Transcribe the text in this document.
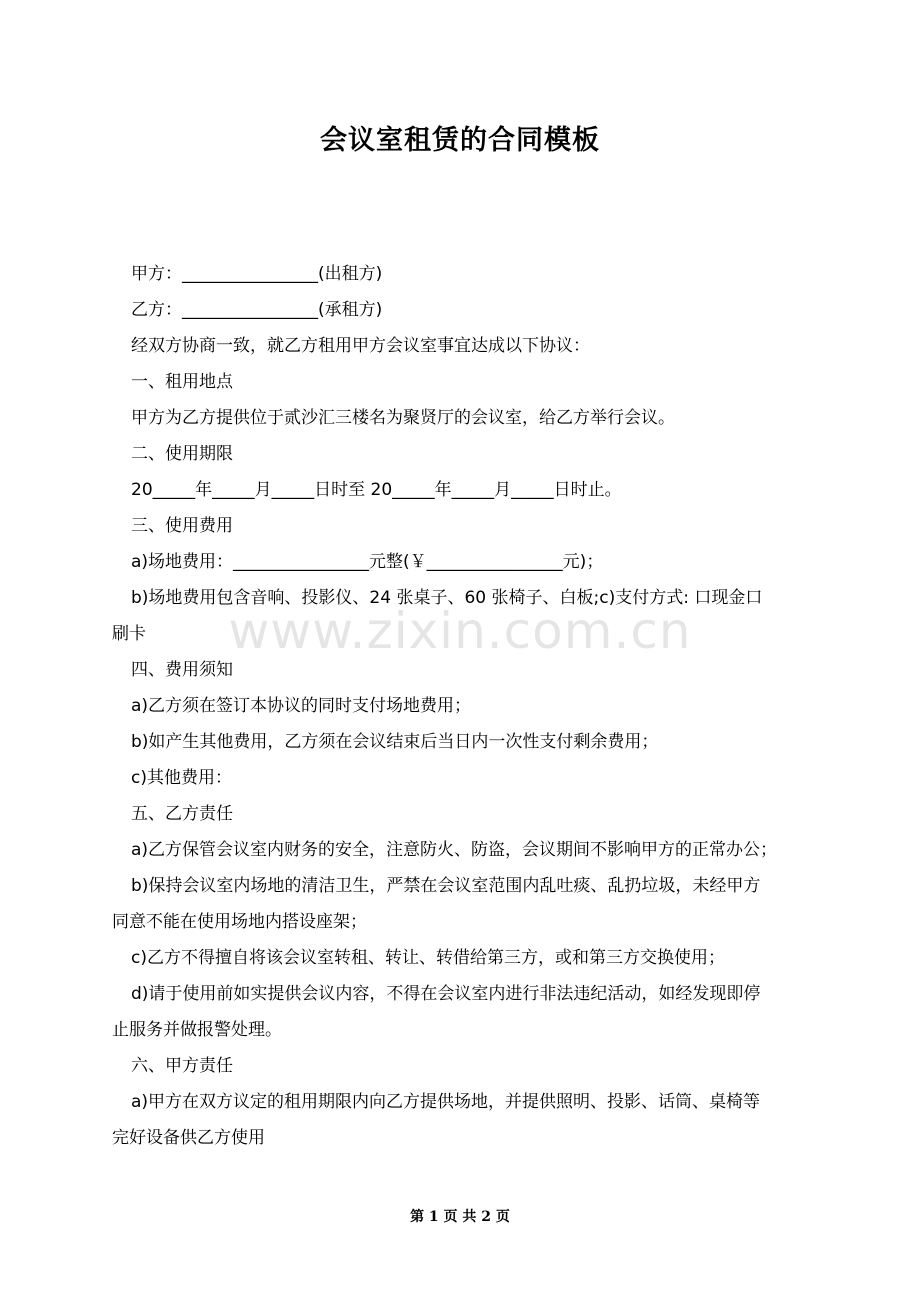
会议室租赁的合同模板
甲方：________________(出租方)
乙方：________________(承租方)
经双方协商一致，就乙方租用甲方会议室事宜达成以下协议：
一、租用地点
甲方为乙方提供位于贰沙汇三楼名为聚贤厅的会议室，给乙方举行会议。
二、使用期限
20_____年_____月_____日时至 20_____年_____月_____日时止。
三、使用费用
a)场地费用：________________元整(￥________________元)；
b)场地费用包含音响、投影仪、24 张桌子、60 张椅子、白板;c)支付方式: 口现金口
刷卡
四、费用须知
a)乙方须在签订本协议的同时支付场地费用；
b)如产生其他费用，乙方须在会议结束后当日内一次性支付剩余费用；
c)其他费用：
五、乙方责任
a)乙方保管会议室内财务的安全，注意防火、防盗，会议期间不影响甲方的正常办公；
b)保持会议室内场地的清洁卫生，严禁在会议室范围内乱吐痰、乱扔垃圾，未经甲方
同意不能在使用场地内搭设座架；
c)乙方不得擅自将该会议室转租、转让、转借给第三方，或和第三方交换使用；
d)请于使用前如实提供会议内容，不得在会议室内进行非法违纪活动，如经发现即停
止服务并做报警处理。
六、甲方责任
a)甲方在双方议定的租用期限内向乙方提供场地，并提供照明、投影、话筒、桌椅等
完好设备供乙方使用
www.zixin.com.cn
第 1 页 共 2 页
